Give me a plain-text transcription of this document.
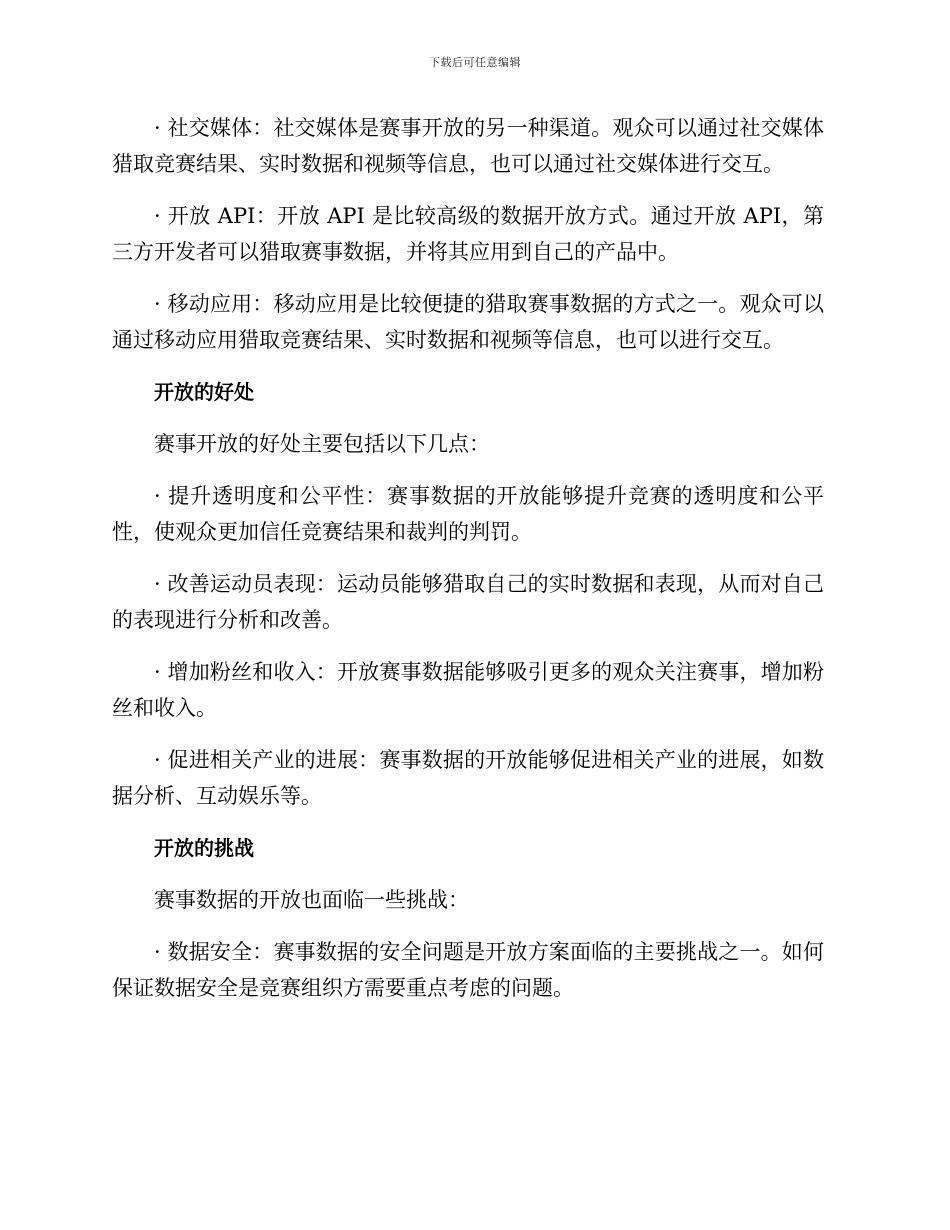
下载后可任意编辑

· 社交媒体：社交媒体是赛事开放的另一种渠道。观众可以通过社交媒体猎取竞赛结果、实时数据和视频等信息，也可以通过社交媒体进行交互。

· 开放 API：开放 API 是比较高级的数据开放方式。通过开放 API，第三方开发者可以猎取赛事数据，并将其应用到自己的产品中。

· 移动应用：移动应用是比较便捷的猎取赛事数据的方式之一。观众可以通过移动应用猎取竞赛结果、实时数据和视频等信息，也可以进行交互。

开放的好处

赛事开放的好处主要包括以下几点：

· 提升透明度和公平性：赛事数据的开放能够提升竞赛的透明度和公平性，使观众更加信任竞赛结果和裁判的判罚。

· 改善运动员表现：运动员能够猎取自己的实时数据和表现，从而对自己的表现进行分析和改善。

· 增加粉丝和收入：开放赛事数据能够吸引更多的观众关注赛事，增加粉丝和收入。

· 促进相关产业的进展：赛事数据的开放能够促进相关产业的进展，如数据分析、互动娱乐等。

开放的挑战

赛事数据的开放也面临一些挑战：

· 数据安全：赛事数据的安全问题是开放方案面临的主要挑战之一。如何保证数据安全是竞赛组织方需要重点考虑的问题。
